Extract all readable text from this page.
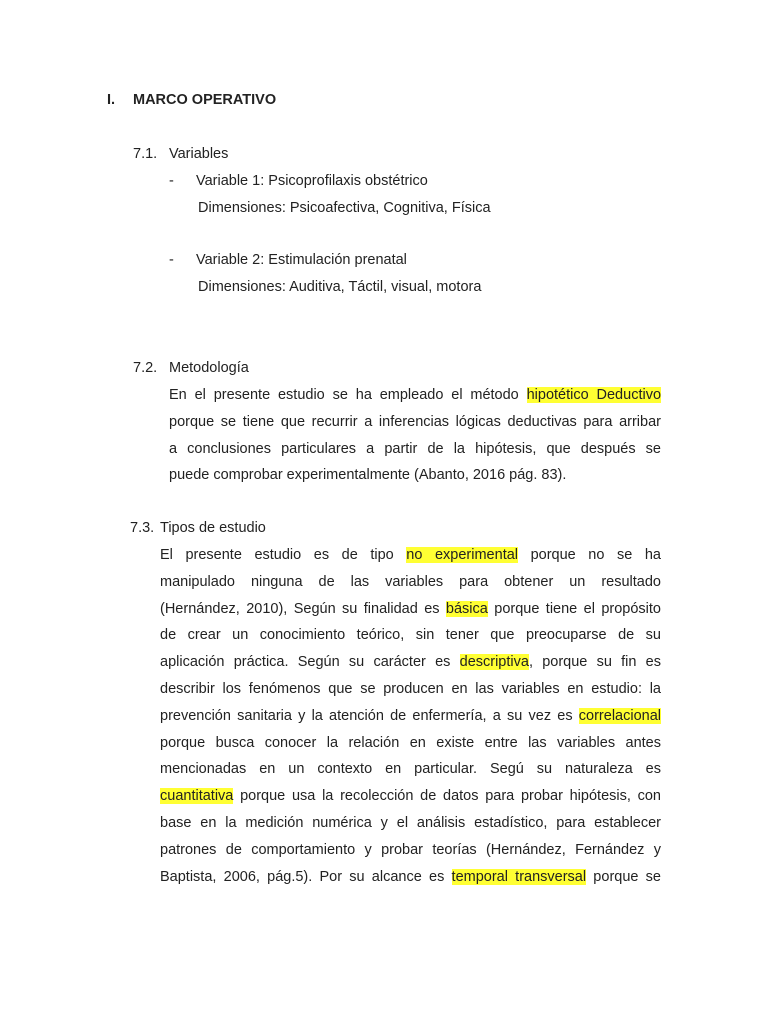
I. MARCO OPERATIVO
7.1. Variables
- Variable 1: Psicoprofilaxis obstétrico
Dimensiones: Psicoafectiva, Cognitiva, Física
- Variable 2: Estimulación prenatal
Dimensiones: Auditiva, Táctil, visual, motora
7.2. Metodología
En el presente estudio se ha empleado el método hipotético Deductivo
porque se tiene que recurrir a inferencias lógicas deductivas para arribar
a conclusiones particulares a partir de la hipótesis, que después se
puede comprobar experimentalmente (Abanto, 2016 pág. 83).
7.3. Tipos de estudio
El presente estudio es de tipo no experimental porque no se ha
manipulado ninguna de las variables para obtener un resultado
(Hernández, 2010), Según su finalidad es básica porque tiene el propósito
de crear un conocimiento teórico, sin tener que preocuparse de su
aplicación práctica. Según su carácter es descriptiva, porque su fin es
describir los fenómenos que se producen en las variables en estudio: la
prevención sanitaria y la atención de enfermería, a su vez es correlacional
porque busca conocer la relación en existe entre las variables antes
mencionadas en un contexto en particular. Segú su naturaleza es
cuantitativa porque usa la recolección de datos para probar hipótesis, con
base en la medición numérica y el análisis estadístico, para establecer
patrones de comportamiento y probar teorías (Hernández, Fernández y
Baptista, 2006, pág.5). Por su alcance es temporal transversal porque se
